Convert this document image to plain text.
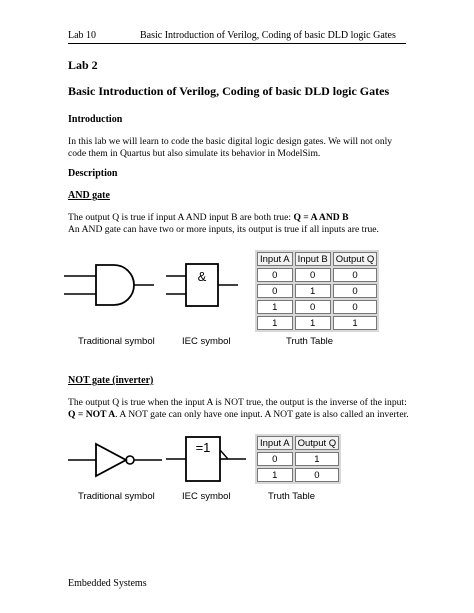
Lab 10	Basic Introduction of Verilog, Coding of basic DLD logic Gates
Lab 2
Basic Introduction of Verilog, Coding of basic DLD logic Gates
Introduction
In this lab we will learn to code the basic digital logic design gates. We will not only
code them in Quartus but also simulate its behavior in ModelSim.
Description
AND gate
The output Q is true if input A AND input B are both true: Q = A AND B
An AND gate can have two or more inputs, its output is true if all inputs are true.
&
Input A	Input B	Output Q
0	0	0
0	1	0
1	0	0
1	1	1
Traditional symbol	IEC symbol	Truth Table
NOT gate (inverter)
The output Q is true when the input A is NOT true, the output is the inverse of the input:
Q = NOT A. A NOT gate can only have one input. A NOT gate is also called an inverter.
=1	Input A	Output Q
0	1
1	0
Traditional symbol	IEC symbol	Truth Table
Embedded Systems
